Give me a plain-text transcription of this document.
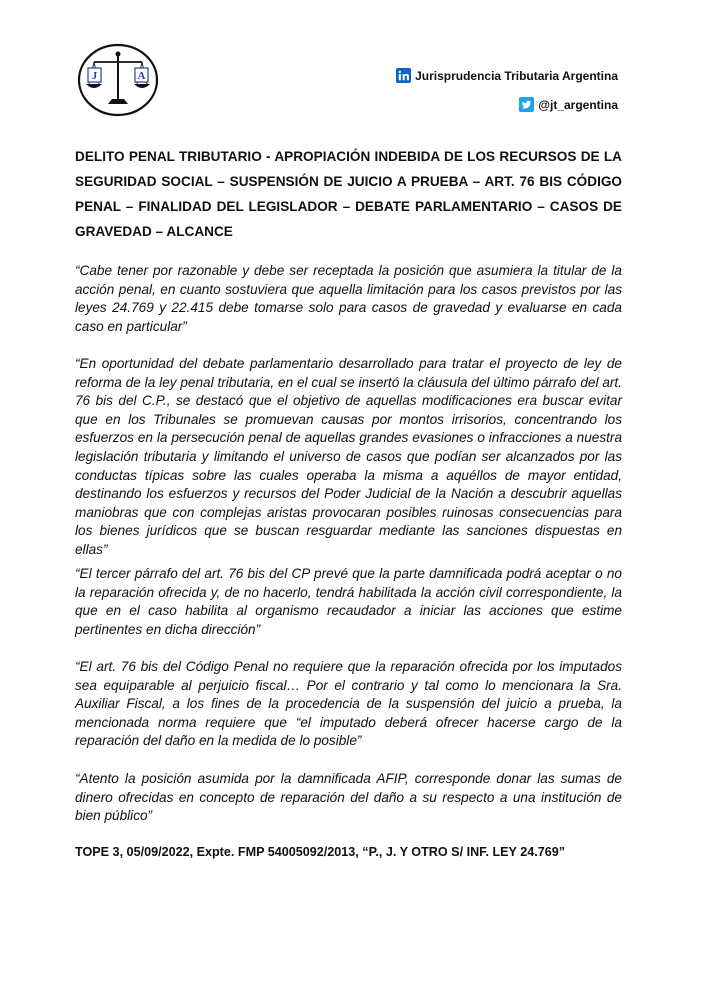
J	A	Jurisprudencia Tributaria Argentina
@jt_argentina

DELITO PENAL TRIBUTARIO - APROPIACIÓN INDEBIDA DE LOS RECURSOS DE LA SEGURIDAD SOCIAL – SUSPENSIÓN DE JUICIO A PRUEBA – ART. 76 BIS CÓDIGO PENAL – FINALIDAD DEL LEGISLADOR – DEBATE PARLAMENTARIO – CASOS DE GRAVEDAD – ALCANCE

“Cabe tener por razonable y debe ser receptada la posición que asumiera la titular de la acción penal, en cuanto sostuviera que aquella limitación para los casos previstos por las leyes 24.769 y 22.415 debe tomarse solo para casos de gravedad y evaluarse en cada caso en particular”

“En oportunidad del debate parlamentario desarrollado para tratar el proyecto de ley de reforma de la ley penal tributaria, en el cual se insertó la cláusula del último párrafo del art. 76 bis del C.P., se destacó que el objetivo de aquellas modificaciones era buscar evitar que en los Tribunales se promuevan causas por montos irrisorios, concentrando los esfuerzos en la persecución penal de aquellas grandes evasiones o infracciones a nuestra legislación tributaria y limitando el universo de casos que podían ser alcanzados por las conductas típicas sobre las cuales operaba la misma a aquéllos de mayor entidad, destinando los esfuerzos y recursos del Poder Judicial de la Nación a descubrir aquellas maniobras que con complejas aristas provocaran posibles ruinosas consecuencias para los bienes jurídicos que se buscan resguardar mediante las sanciones dispuestas en ellas”

“El tercer párrafo del art. 76 bis del CP prevé que la parte damnificada podrá aceptar o no la reparación ofrecida y, de no hacerlo, tendrá habilitada la acción civil correspondiente, la que en el caso habilita al organismo recaudador a iniciar las acciones que estime pertinentes en dicha dirección”

“El art. 76 bis del Código Penal no requiere que la reparación ofrecida por los imputados sea equiparable al perjuicio fiscal… Por el contrario y tal como lo mencionara la Sra. Auxiliar Fiscal, a los fines de la procedencia de la suspensión del juicio a prueba, la mencionada norma requiere que “el imputado deberá ofrecer hacerse cargo de la reparación del daño en la medida de lo posible”

“Atento la posición asumida por la damnificada AFIP, corresponde donar las sumas de dinero ofrecidas en concepto de reparación del daño a su respecto a una institución de bien público”

TOPE 3, 05/09/2022, Expte. FMP 54005092/2013, “P., J. Y OTRO S/ INF. LEY 24.769”
